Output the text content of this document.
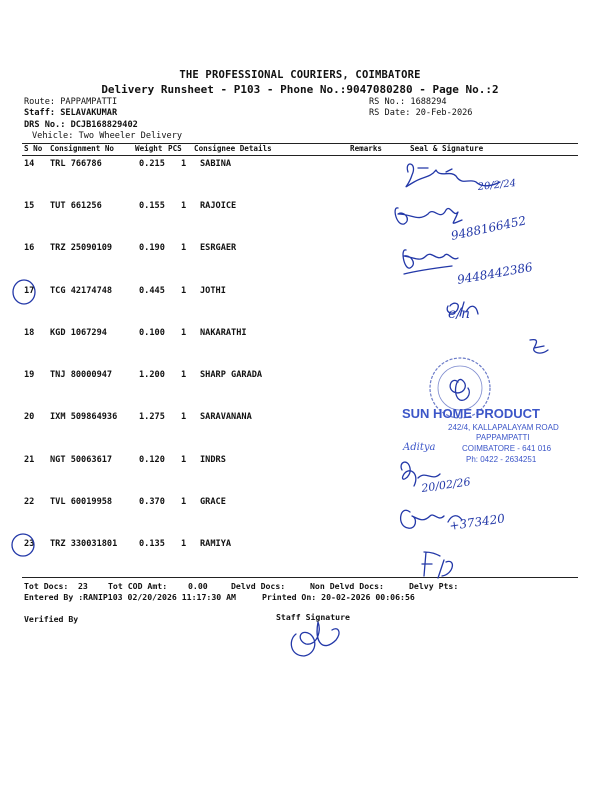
THE PROFESSIONAL COURIERS, COIMBATORE
Delivery Runsheet - P103 - Phone No.:9047080280 - Page No.:2
Route: PAPPAMPATTI
Staff: SELAVAKUMAR
DRS No.: DCJB168829402
Vehicle: Two Wheeler Delivery
RS No.: 1688294
RS Date: 20-Feb-2026
S No Consignment No	Weight PCS Consignee Details	Remarks	Seal & Signature
14 TRL 766786	0.215 1 SABINA
15 TUT 661256	0.155 1 RAJOICE
16 TRZ 25090109	0.190 1 ESRGAER
17 TCG 42174748	0.445 1 JOTHI
18 KGD 1067294	0.100 1 NAKARATHI
19 TNJ 80000947	1.200 1 SHARP GARADA
20 IXM 509864936	1.275 1 SARAVANANA
21 NGT 50063617	0.120 1 INDRS
22 TVL 60019958	0.370 1 GRACE
23 TRZ 330031801	0.135 1 RAMIYA
Tot Docs: 23 Tot COD Amt:	0.00	Delvd Docs:	Non Delvd Docs:	Delvy Pts:
Entered By :RANIP103 02/20/2026 11:17:30 AM	Printed On: 20-02-2026 00:06:56
Verified By	Staff Signature
20/2/24
9488166452
9448442386
e/n
20/02/26
+373420
SUN HOME PRODUCT
242/4, KALLAPALAYAM ROAD
PAPPAMPATTI
COIMBATORE - 641 016
Ph: 0422 - 2634251
Aditya
